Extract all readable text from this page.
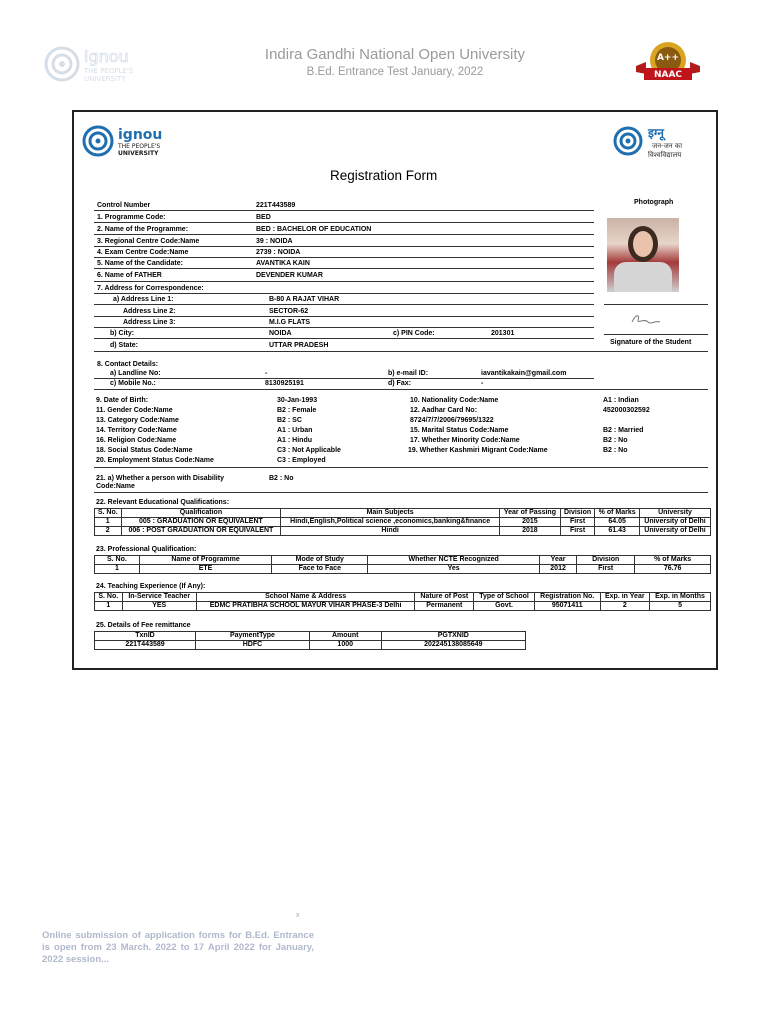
ignou
THE PEOPLE'S
UNIVERSITY
Indira Gandhi National Open University
B.Ed. Entrance Test January, 2022
A++
NAAC
ignou
THE PEOPLE'S
UNIVERSITY
इग्नू
जन-जन का
विश्वविद्यालय
Registration Form
Photograph
Signature of the Student
Control Number	221T443589
1. Programme Code:	BED
2. Name of the Programme:	BED : BACHELOR OF EDUCATION
3. Regional Centre Code:Name	39 : NOIDA
4. Exam Centre Code:Name	2739 : NOIDA
5. Name of the Candidate:	AVANTIKA KAIN
6. Name of FATHER	DEVENDER KUMAR
7. Address for Correspondence:
a) Address Line 1:	B-80 A RAJAT VIHAR
Address Line 2:	SECTOR-62
Address Line 3:	M.I.G FLATS
b) City:	NOIDA	c) PIN Code:	201301
d) State:	UTTAR PRADESH
8. Contact Details:
a) Landline No:	-	b) e-mail ID:	iavantikakain@gmail.com
c) Mobile No.:	8130925191	d) Fax:	-
9. Date of Birth:	30-Jan-1993	10. Nationality Code:Name	A1 : Indian
11. Gender Code:Name	B2 : Female	12. Aadhar Card No:	452000302592
13. Category Code:Name	B2 : SC	8724/7/7/2006/79695/1322
14. Territory Code:Name	A1 : Urban	15. Marital Status Code:Name	B2 : Married
16. Religion Code:Name	A1 : Hindu	17. Whether Minority Code:Name	B2 : No
18. Social Status Code:Name	C3 : Not Applicable	19. Whether Kashmiri Migrant Code:Name	B2 : No
20. Employment Status Code:Name	C3 : Employed
21. a) Whether a person with Disability
Code:Name
B2 : No
22. Relevant Educational Qualifications:
S. No.	Qualification	Main Subjects	Year of Passing	Division	% of Marks	University
1	005 : GRADUATION OR EQUIVALENT	Hindi,English,Political science ,economics,banking&finance	2015	First	64.05	University of Delhi
2	006 : POST GRADUATION OR EQUIVALENT	Hindi	2018	First	61.43	University of Delhi
23. Professional Qualification:
S. No.	Name of Programme	Mode of Study	Whether NCTE Recognized	Year	Division	% of Marks
1	ETE	Face to Face	Yes	2012	First	76.76
24. Teaching Experience (If Any):
S. No.	In-Service Teacher	School Name & Address	Nature of Post	Type of School	Registration No.	Exp. in Year	Exp. in Months
1	YES	EDMC PRATIBHA SCHOOL MAYUR VIHAR PHASE-3 Delhi	Permanent	Govt.	95071411	2	5
25. Details of Fee remittance
TxnID	PaymentType	Amount	PGTXNID
221T443589	HDFC	1000	202245138085649
x
Online submission of application forms for B.Ed. Entrance is open from 23 March. 2022 to 17 April 2022 for January, 2022 session...
